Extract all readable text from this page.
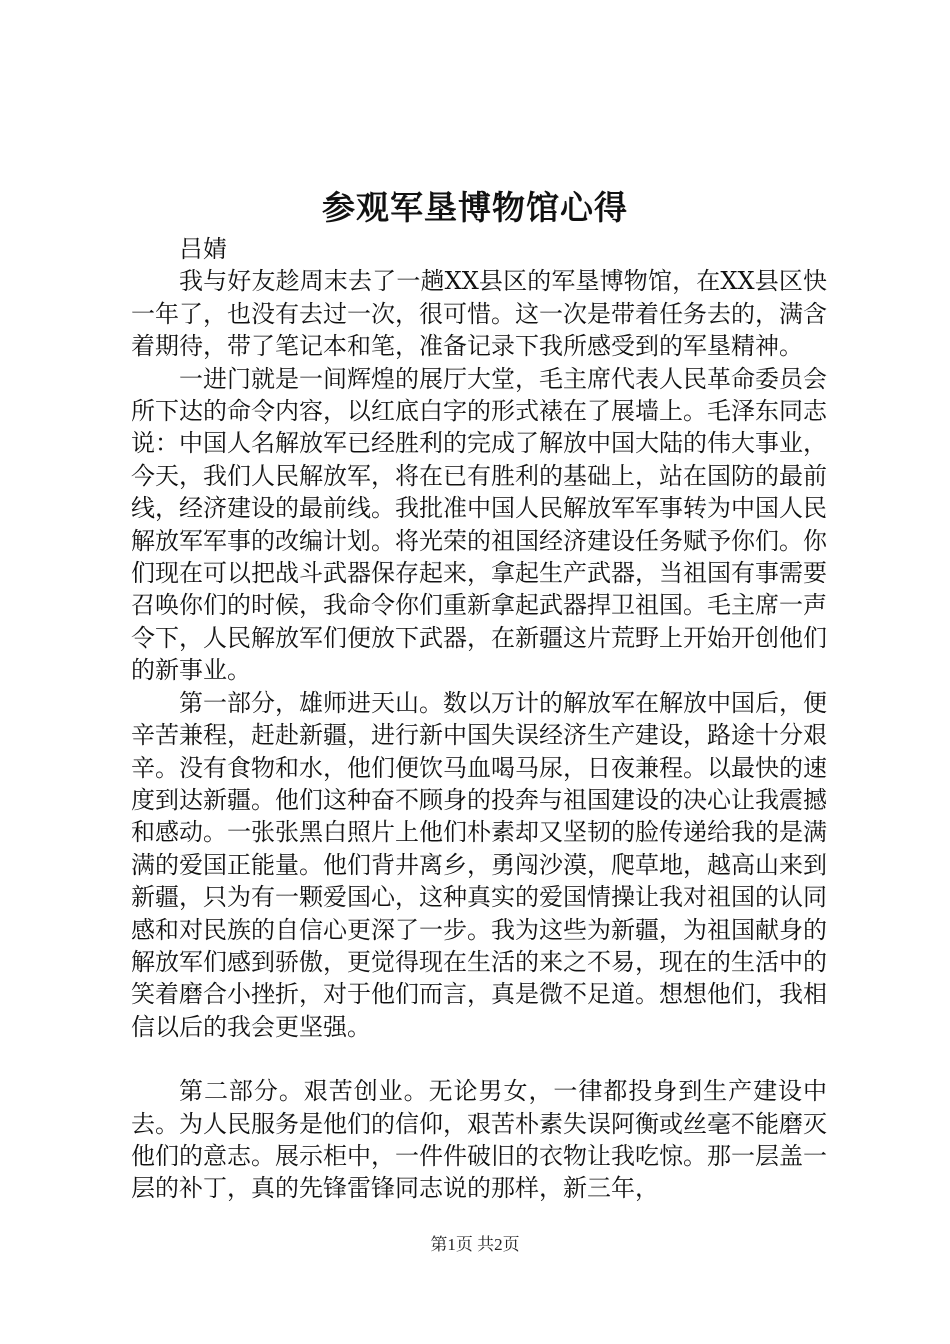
参观军垦博物馆心得

吕婧

我与好友趁周末去了一趟XX县区的军垦博物馆，在XX县区快一年了，也没有去过一次，很可惜。这一次是带着任务去的，满含着期待，带了笔记本和笔，准备记录下我所感受到的军垦精神。

一进门就是一间辉煌的展厅大堂，毛主席代表人民革命委员会所下达的命令内容，以红底白字的形式裱在了展墙上。毛泽东同志说：中国人名解放军已经胜利的完成了解放中国大陆的伟大事业，今天，我们人民解放军，将在已有胜利的基础上，站在国防的最前线，经济建设的最前线。我批准中国人民解放军军事转为中国人民解放军军事的改编计划。将光荣的祖国经济建设任务赋予你们。你们现在可以把战斗武器保存起来，拿起生产武器，当祖国有事需要召唤你们的时候，我命令你们重新拿起武器捍卫祖国。毛主席一声令下，人民解放军们便放下武器，在新疆这片荒野上开始开创他们的新事业。

第一部分，雄师进天山。数以万计的解放军在解放中国后，便辛苦兼程，赶赴新疆，进行新中国失误经济生产建设，路途十分艰辛。没有食物和水，他们便饮马血喝马尿，日夜兼程。以最快的速度到达新疆。他们这种奋不顾身的投奔与祖国建设的决心让我震撼和感动。一张张黑白照片上他们朴素却又坚韧的脸传递给我的是满满的爱国正能量。他们背井离乡，勇闯沙漠，爬草地，越高山来到新疆，只为有一颗爱国心，这种真实的爱国情操让我对祖国的认同感和对民族的自信心更深了一步。我为这些为新疆，为祖国献身的解放军们感到骄傲，更觉得现在生活的来之不易，现在的生活中的笑着磨合小挫折，对于他们而言，真是微不足道。想想他们，我相信以后的我会更坚强。

第二部分。艰苦创业。无论男女，一律都投身到生产建设中去。为人民服务是他们的信仰，艰苦朴素失误阿衡或丝毫不能磨灭他们的意志。展示柜中，一件件破旧的衣物让我吃惊。那一层盖一层的补丁，真的先锋雷锋同志说的那样，新三年，

第1页 共2页
